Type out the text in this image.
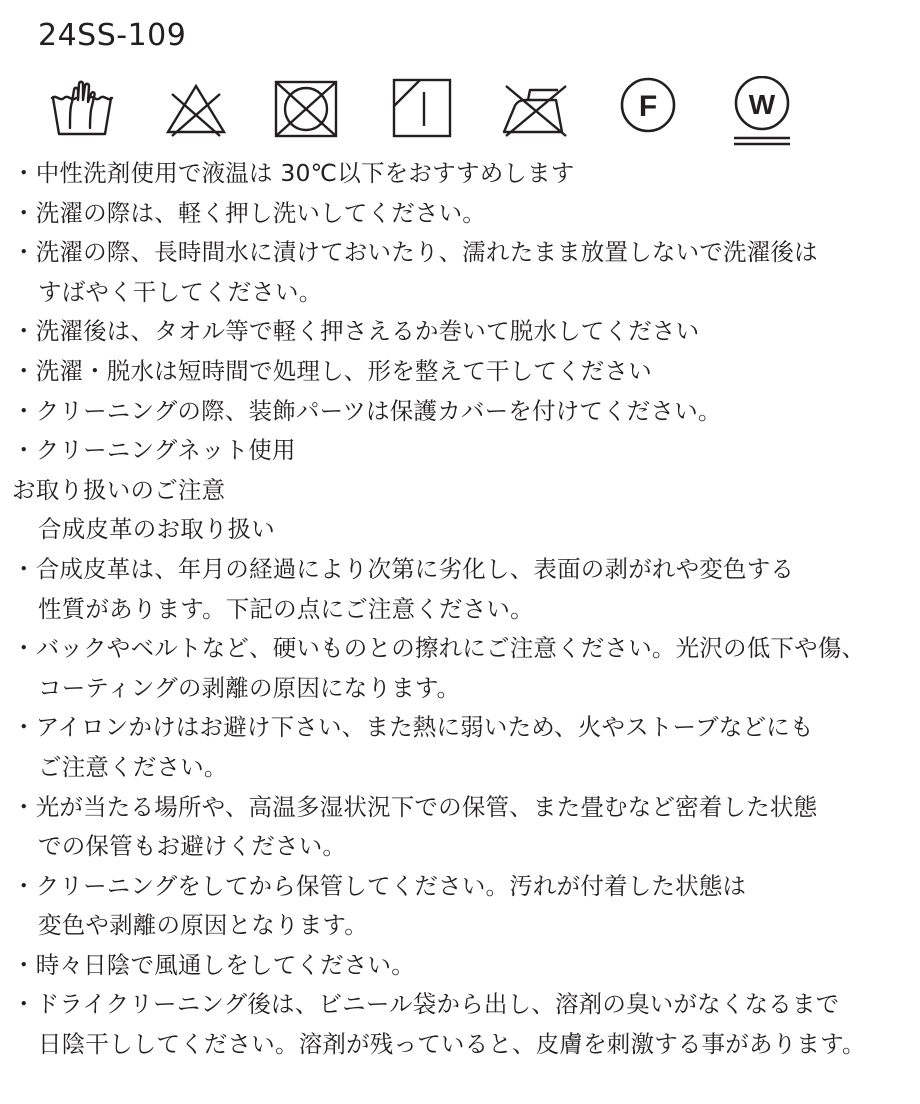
24SS-109
F	W
・中性洗剤使用で液温は 30℃以下をおすすめします
・洗濯の際は、軽く押し洗いしてください。
・洗濯の際、長時間水に漬けておいたり、濡れたまま放置しないで洗濯後は
すばやく干してください。
・洗濯後は、タオル等で軽く押さえるか巻いて脱水してください
・洗濯・脱水は短時間で処理し、形を整えて干してください
・クリーニングの際、装飾パーツは保護カバーを付けてください。
・クリーニングネット使用
お取り扱いのご注意
合成皮革のお取り扱い
・合成皮革は、年月の経過により次第に劣化し、表面の剥がれや変色する
性質があります。下記の点にご注意ください。
・バックやベルトなど、硬いものとの擦れにご注意ください。光沢の低下や傷、
コーティングの剥離の原因になります。
・アイロンかけはお避け下さい、また熱に弱いため、火やストーブなどにも
ご注意ください。
・光が当たる場所や、高温多湿状況下での保管、また畳むなど密着した状態
での保管もお避けください。
・クリーニングをしてから保管してください。汚れが付着した状態は
変色や剥離の原因となります。
・時々日陰で風通しをしてください。
・ドライクリーニング後は、ビニール袋から出し、溶剤の臭いがなくなるまで
日陰干ししてください。溶剤が残っていると、皮膚を刺激する事があります。
